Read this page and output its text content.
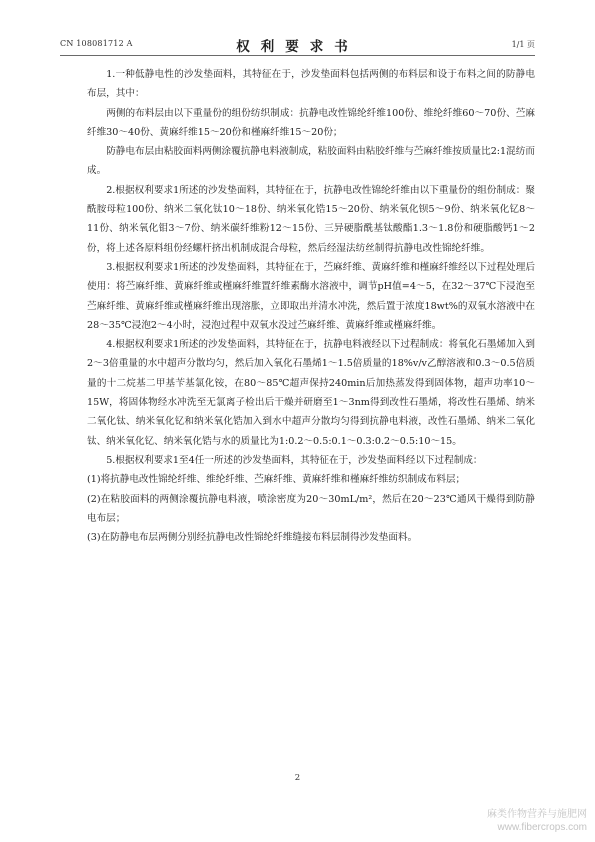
CN 108081712 A	权利要求书	1/1 页

1.一种低静电性的沙发垫面料，其特征在于，沙发垫面料包括两侧的布料层和设于布料之间的防静电布层，其中：

两侧的布料层由以下重量份的组份纺织制成：抗静电改性锦纶纤维100份、维纶纤维60～70份、苎麻纤维30～40份、黄麻纤维15～20份和槿麻纤维15～20份；

防静电布层由粘胶面料两侧涂覆抗静电料液制成，粘胶面料由粘胶纤维与苎麻纤维按质量比2:1混纺而成。

2.根据权利要求1所述的沙发垫面料，其特征在于，抗静电改性锦纶纤维由以下重量份的组份制成：聚酰胺母粒100份、纳米二氧化钛10～18份、纳米氧化锆15～20份、纳米氧化钡5～9份、纳米氧化钇8～11份、纳米氧化钼3～7份、纳米碳纤维粉12～15份、三异硬脂酰基钛酸酯1.3～1.8份和硬脂酸钙1～2份，将上述各原料组份经螺杆挤出机制成混合母粒，然后经湿法纺丝制得抗静电改性锦纶纤维。

3.根据权利要求1所述的沙发垫面料，其特征在于，苎麻纤维、黄麻纤维和槿麻纤维经以下过程处理后使用：将苎麻纤维、黄麻纤维或槿麻纤维置纤维素酶水溶液中，调节pH值=4～5，在32～37℃下浸泡至苎麻纤维、黄麻纤维或槿麻纤维出现溶胀，立即取出并清水冲洗，然后置于浓度18wt%的双氧水溶液中在28～35℃浸泡2～4小时，浸泡过程中双氧水没过苎麻纤维、黄麻纤维或槿麻纤维。

4.根据权利要求1所述的沙发垫面料，其特征在于，抗静电料液经以下过程制成：将氧化石墨烯加入到2～3倍重量的水中超声分散均匀，然后加入氧化石墨烯1～1.5倍质量的18%v/v乙醇溶液和0.3～0.5倍质量的十二烷基二甲基苄基氯化铵，在80～85℃超声保持240min后加热蒸发得到固体物，超声功率10～15W，将固体物经水冲洗至无氯离子检出后干燥并研磨至1～3nm得到改性石墨烯，将改性石墨烯、纳米二氧化钛、纳米氧化钇和纳米氧化锆加入到水中超声分散均匀得到抗静电料液，改性石墨烯、纳米二氧化钛、纳米氧化钇、纳米氧化锆与水的质量比为1:0.2～0.5:0.1～0.3:0.2～0.5:10～15。

5.根据权利要求1至4任一所述的沙发垫面料，其特征在于，沙发垫面料经以下过程制成：

(1)将抗静电改性锦纶纤维、维纶纤维、苎麻纤维、黄麻纤维和槿麻纤维纺织制成布料层；

(2)在粘胶面料的两侧涂覆抗静电料液，喷涂密度为20～30mL/m²，然后在20～23℃通风干燥得到防静电布层；

(3)在防静电布层两侧分别经抗静电改性锦纶纤维缝接布料层制得沙发垫面料。

2
麻类作物营养与施肥网
www.fibercrops.com
